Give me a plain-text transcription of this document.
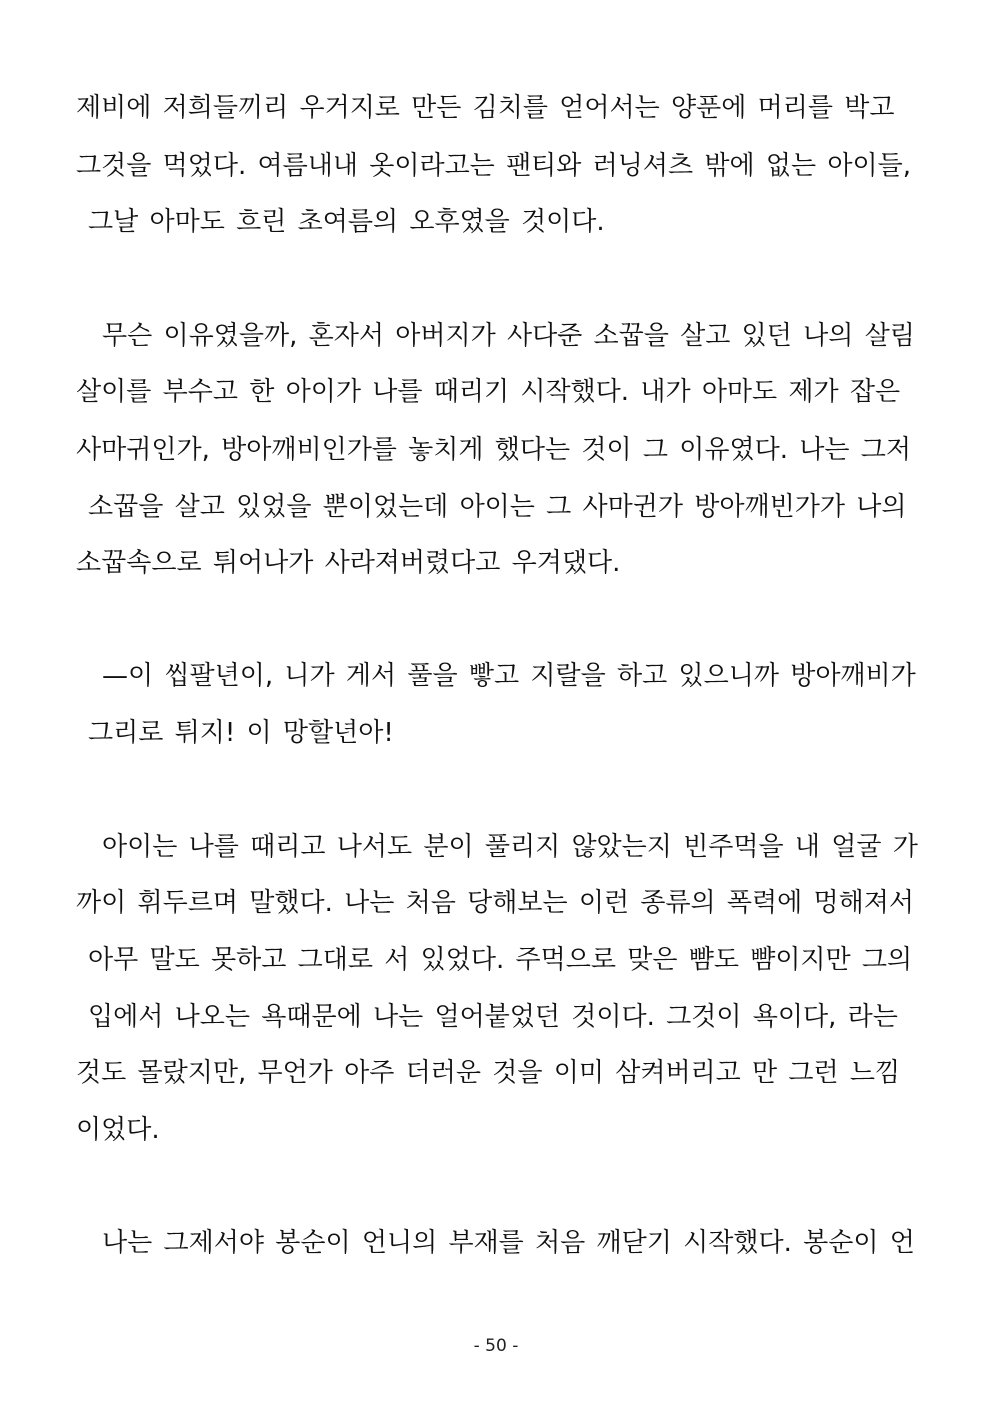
제비에 저희들끼리 우거지로 만든 김치를 얻어서는 양푼에 머리를 박고
그것을 먹었다. 여름내내 옷이라고는 팬티와 러닝셔츠 밖에 없는 아이들,
그날 아마도 흐린 초여름의 오후였을 것이다.
무슨 이유였을까, 혼자서 아버지가 사다준 소꿉을 살고 있던 나의 살림
살이를 부수고 한 아이가 나를 때리기 시작했다. 내가 아마도 제가 잡은
사마귀인가, 방아깨비인가를 놓치게 했다는 것이 그 이유였다. 나는 그저
소꿉을 살고 있었을 뿐이었는데 아이는 그 사마귄가 방아깨빈가가 나의
소꿉속으로 튀어나가 사라져버렸다고 우겨댔다.
—이 씹팔년이, 니가 게서 풀을 빻고 지랄을 하고 있으니까 방아깨비가
그리로 튀지! 이 망할년아!
아이는 나를 때리고 나서도 분이 풀리지 않았는지 빈주먹을 내 얼굴 가
까이 휘두르며 말했다. 나는 처음 당해보는 이런 종류의 폭력에 멍해져서
아무 말도 못하고 그대로 서 있었다. 주먹으로 맞은 뺨도 뺨이지만 그의
입에서 나오는 욕때문에 나는 얼어붙었던 것이다. 그것이 욕이다, 라는
것도 몰랐지만, 무언가 아주 더러운 것을 이미 삼켜버리고 만 그런 느낌
이었다.
나는 그제서야 봉순이 언니의 부재를 처음 깨닫기 시작했다. 봉순이 언
- 50 -
